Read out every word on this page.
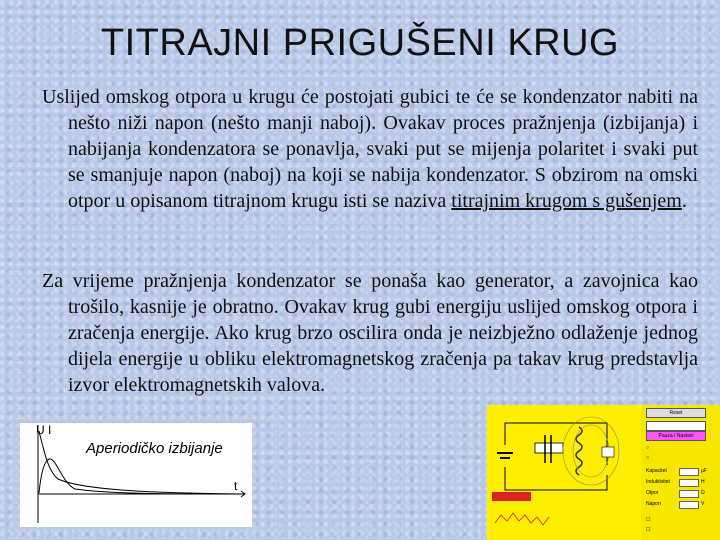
TITRAJNI PRIGUŠENI KRUG

Uslijed omskog otpora u krugu će postojati gubici te će se kondenzator nabiti na nešto niži napon (nešto manji naboj). Ovakav proces pražnjenja (izbijanja) i nabijanja kondenzatora se ponavlja, svaki put se mijenja polaritet i svaki put se smanjuje napon (naboj) na koji se nabija kondenzator. S obzirom na omski otpor u opisanom titrajnom krugu isti se naziva titrajnim krugom s gušenjem.

Za vrijeme pražnjenja kondenzator se ponaša kao generator, a zavojnica kao trošilo, kasnije je obratno. Ovakav krug gubi energiju uslijed omskog otpora i zračenja energije. Ako krug brzo oscilira onda je neizbježno odlaženje jednog dijela energije u obliku elektromagnetskog zračenja pa takav krug predstavlja izvor elektromagnetskih valova.

U I
Aperiodičko izbijanje
t
Reset
Pauza / Nastavi
○
○
Kapacitet	µF
Induktivitet	H
Otpor	Ω
Napon	V
☐
☐
